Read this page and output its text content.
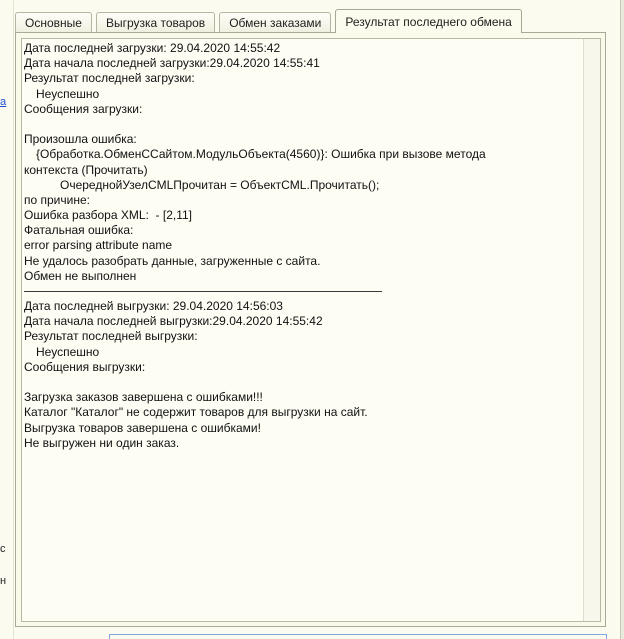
а
с
н
Основные	Выгрузка товаров	Обмен заказами	Результат последнего обмена
Дата последней загрузки: 29.04.2020 14:55:42
Дата начала последней загрузки:29.04.2020 14:55:41
Результат последней загрузки:
Неуспешно
Сообщения загрузки:
Произошла ошибка:
{Обработка.ОбменССайтом.МодульОбъекта(4560)}: Ошибка при вызове метода
контекста (Прочитать)
ОчереднойУзелCMLПрочитан = ОбъектCML.Прочитать();
по причине:
Ошибка разбора XML:  - [2,11]
Фатальная ошибка:
error parsing attribute name
Не удалось разобрать данные, загруженные с сайта.
Обмен не выполнен
Дата последней выгрузки: 29.04.2020 14:56:03
Дата начала последней выгрузки:29.04.2020 14:55:42
Результат последней выгрузки:
Неуспешно
Сообщения выгрузки:
Загрузка заказов завершена с ошибками!!!
Каталог "Каталог" не содержит товаров для выгрузки на сайт.
Выгрузка товаров завершена с ошибками!
Не выгружен ни один заказ.
